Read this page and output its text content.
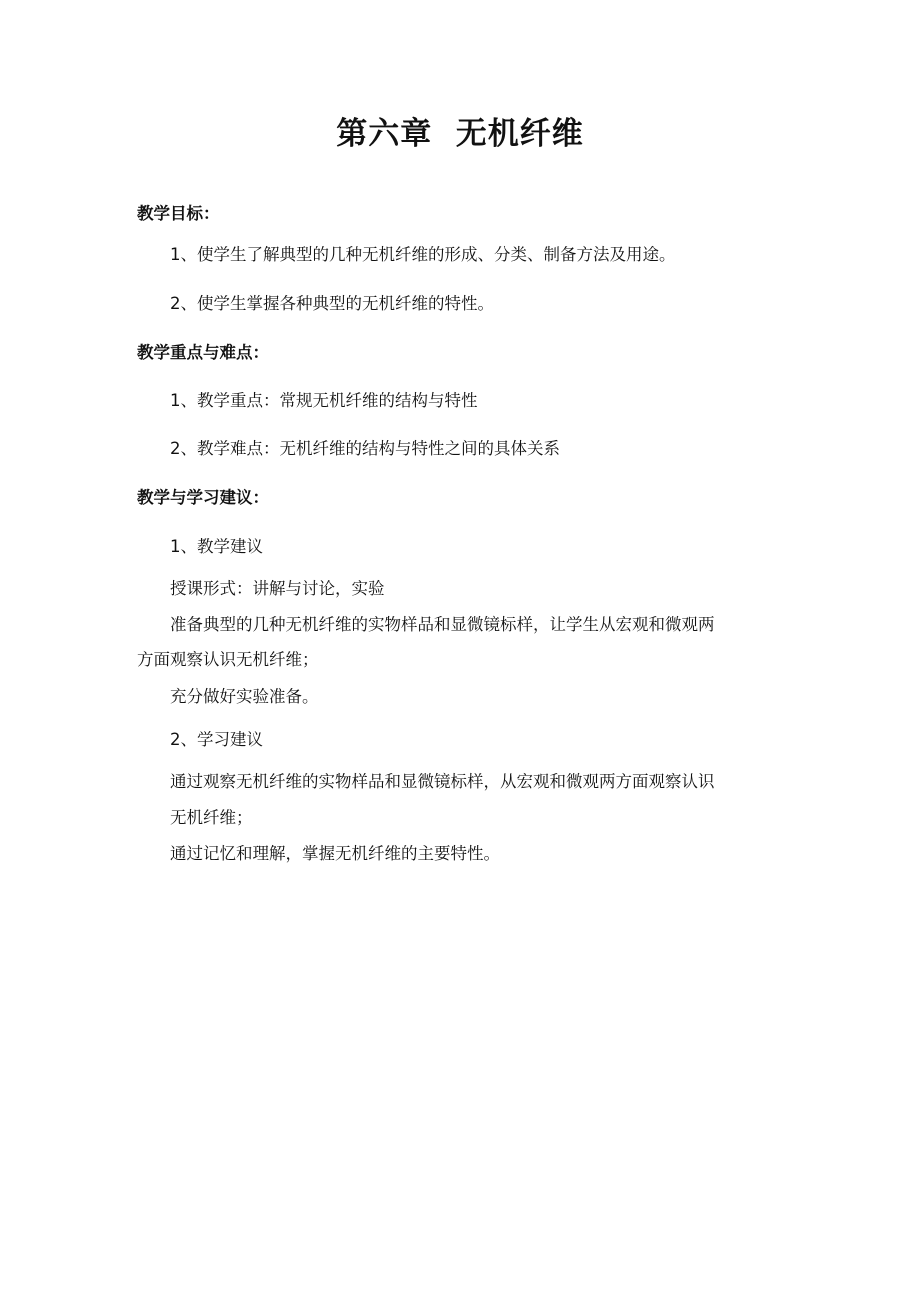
第六章  无机纤维
教学目标：
1、使学生了解典型的几种无机纤维的形成、分类、制备方法及用途。
2、使学生掌握各种典型的无机纤维的特性。
教学重点与难点：
1、教学重点：常规无机纤维的结构与特性
2、教学难点：无机纤维的结构与特性之间的具体关系
教学与学习建议：
1、教学建议
授课形式：讲解与讨论，实验
准备典型的几种无机纤维的实物样品和显微镜标样，让学生从宏观和微观两
方面观察认识无机纤维；
充分做好实验准备。
2、学习建议
通过观察无机纤维的实物样品和显微镜标样，从宏观和微观两方面观察认识
无机纤维；
通过记忆和理解，掌握无机纤维的主要特性。
